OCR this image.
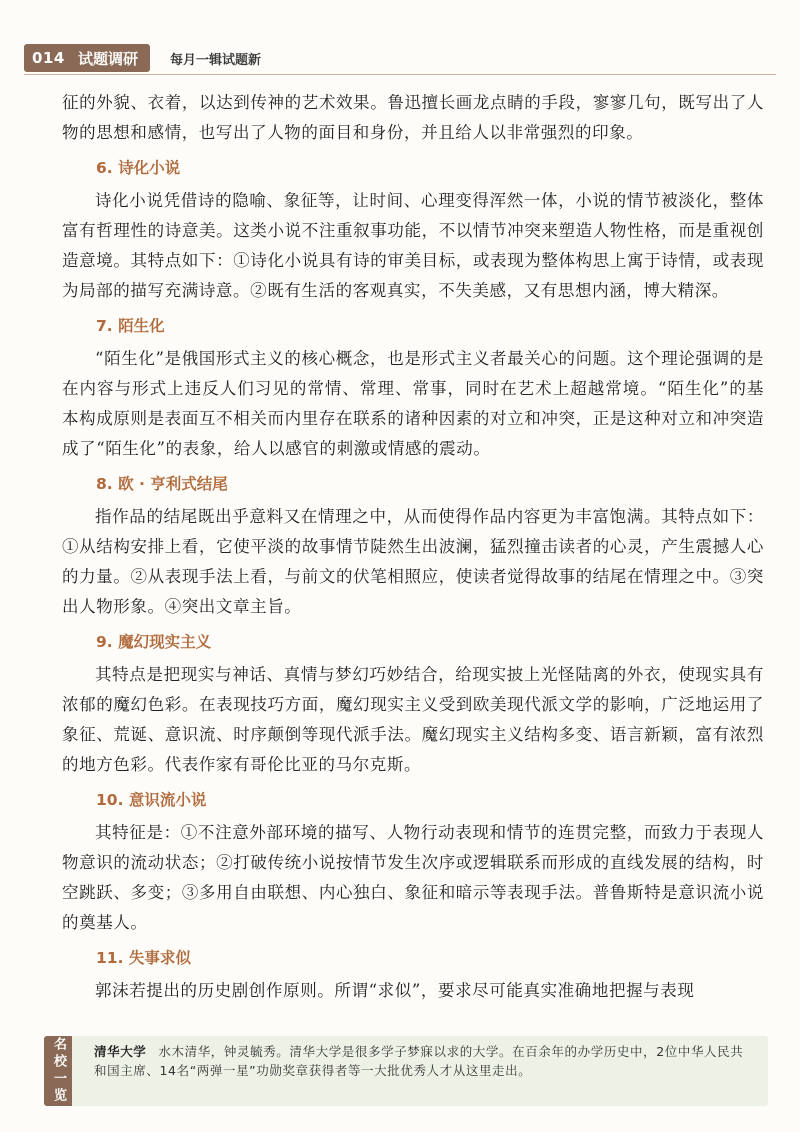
014 试题调研 每月一辑试题新

征的外貌、衣着，以达到传神的艺术效果。鲁迅擅长画龙点睛的手段，寥寥几句，既写出了人物的思想和感情，也写出了人物的面目和身份，并且给人以非常强烈的印象。

6. 诗化小说

诗化小说凭借诗的隐喻、象征等，让时间、心理变得浑然一体，小说的情节被淡化，整体富有哲理性的诗意美。这类小说不注重叙事功能，不以情节冲突来塑造人物性格，而是重视创造意境。其特点如下：①诗化小说具有诗的审美目标，或表现为整体构思上寓于诗情，或表现为局部的描写充满诗意。②既有生活的客观真实，不失美感，又有思想内涵，博大精深。

7. 陌生化

“陌生化”是俄国形式主义的核心概念，也是形式主义者最关心的问题。这个理论强调的是在内容与形式上违反人们习见的常情、常理、常事，同时在艺术上超越常境。“陌生化”的基本构成原则是表面互不相关而内里存在联系的诸种因素的对立和冲突，正是这种对立和冲突造成了“陌生化”的表象，给人以感官的刺激或情感的震动。

8. 欧 · 亨利式结尾

指作品的结尾既出乎意料又在情理之中，从而使得作品内容更为丰富饱满。其特点如下：①从结构安排上看，它使平淡的故事情节陡然生出波澜，猛烈撞击读者的心灵，产生震撼人心的力量。②从表现手法上看，与前文的伏笔相照应，使读者觉得故事的结尾在情理之中。③突出人物形象。④突出文章主旨。

9. 魔幻现实主义

其特点是把现实与神话、真情与梦幻巧妙结合，给现实披上光怪陆离的外衣，使现实具有浓郁的魔幻色彩。在表现技巧方面，魔幻现实主义受到欧美现代派文学的影响，广泛地运用了象征、荒诞、意识流、时序颠倒等现代派手法。魔幻现实主义结构多变、语言新颖，富有浓烈的地方色彩。代表作家有哥伦比亚的马尔克斯。

10. 意识流小说

其特征是：①不注意外部环境的描写、人物行动表现和情节的连贯完整，而致力于表现人物意识的流动状态；②打破传统小说按情节发生次序或逻辑联系而形成的直线发展的结构，时空跳跃、多变；③多用自由联想、内心独白、象征和暗示等表现手法。普鲁斯特是意识流小说的奠基人。

11. 失事求似

郭沫若提出的历史剧创作原则。所谓“求似”，要求尽可能真实准确地把握与表现

名校一览 清华大学 水木清华，钟灵毓秀。清华大学是很多学子梦寐以求的大学。在百余年的办学历史中，2位中华人民共和国主席、14名“两弹一星”功勋奖章获得者等一大批优秀人才从这里走出。
